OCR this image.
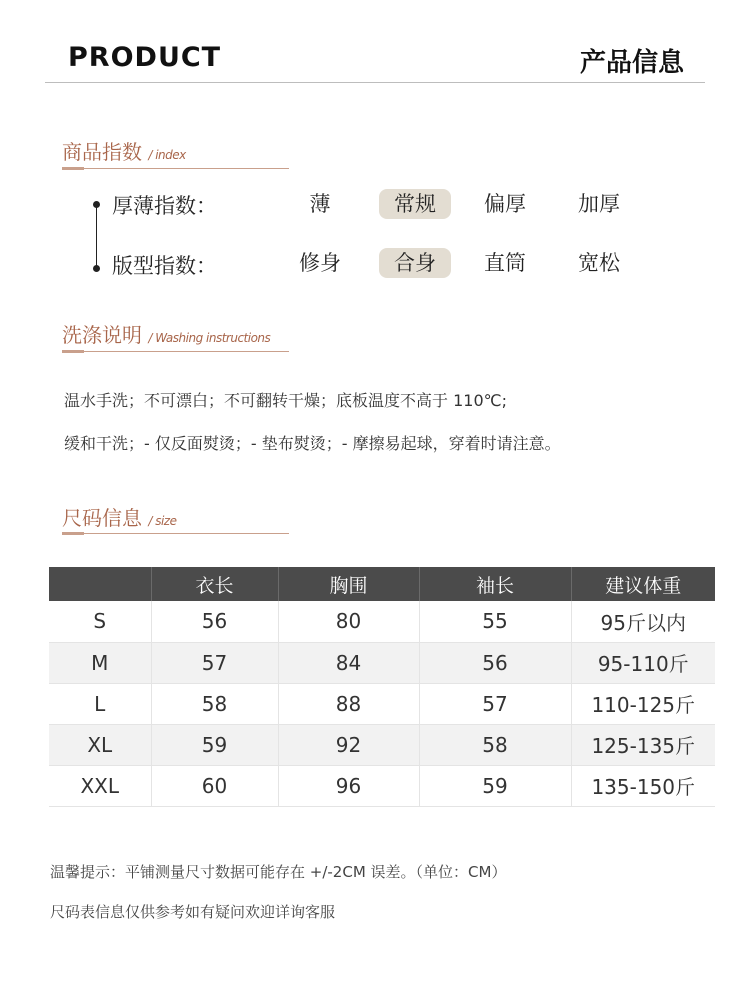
PRODUCT	产品信息
商品指数 / index
厚薄指数：	薄	常规	偏厚	加厚
版型指数：	修身	合身	直筒	宽松
洗涤说明 / Washing instructions
温水手洗；不可漂白；不可翻转干燥；底板温度不高于 110℃;
缓和干洗；- 仅反面熨烫；- 垫布熨烫；- 摩擦易起球，穿着时请注意。
尺码信息 / size
	衣长	胸围	袖长	建议体重
S	56	80	55	95斤以内
M	57	84	56	95-110斤
L	58	88	57	110-125斤
XL	59	92	58	125-135斤
XXL	60	96	59	135-150斤
温馨提示：平铺测量尺寸数据可能存在 +/-2CM 误差。（单位：CM）
尺码表信息仅供参考如有疑问欢迎详询客服
